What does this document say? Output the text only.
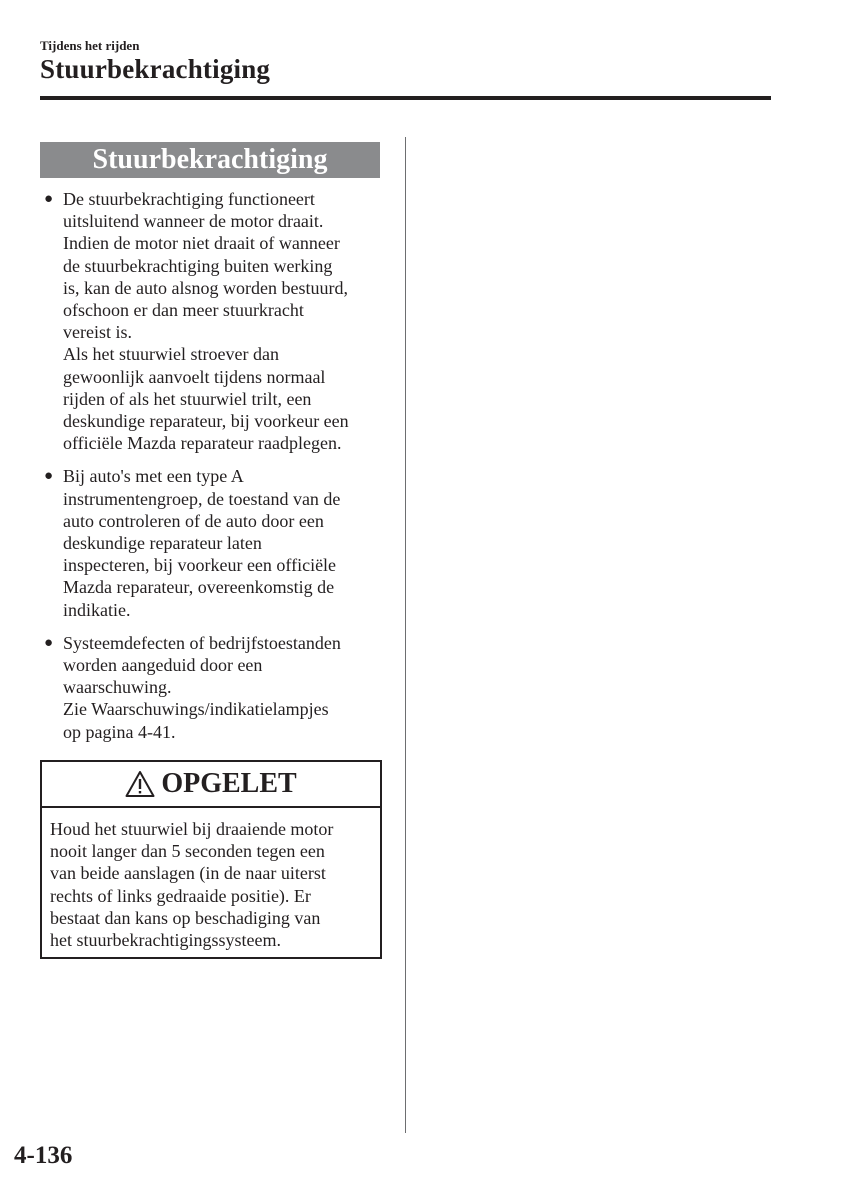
Tijdens het rijden
Stuurbekrachtiging
Stuurbekrachtiging
● De stuurbekrachtiging functioneert
uitsluitend wanneer de motor draait.
Indien de motor niet draait of wanneer
de stuurbekrachtiging buiten werking
is, kan de auto alsnog worden bestuurd,
ofschoon er dan meer stuurkracht
vereist is.

Als het stuurwiel stroever dan
gewoonlijk aanvoelt tijdens normaal
rijden of als het stuurwiel trilt, een
deskundige reparateur, bij voorkeur een
officiële Mazda reparateur raadplegen.

● Bij auto's met een type A
instrumentengroep, de toestand van de
auto controleren of de auto door een
deskundige reparateur laten
inspecteren, bij voorkeur een officiële
Mazda reparateur, overeenkomstig de
indikatie.

● Systeemdefecten of bedrijfstoestanden
worden aangeduid door een
waarschuwing.

Zie Waarschuwings/indikatielampjes
op pagina 4-41.

OPGELET
Houd het stuurwiel bij draaiende motor
nooit langer dan 5 seconden tegen een
van beide aanslagen (in de naar uiterst
rechts of links gedraaide positie). Er
bestaat dan kans op beschadiging van
het stuurbekrachtigingssysteem.
4-136
